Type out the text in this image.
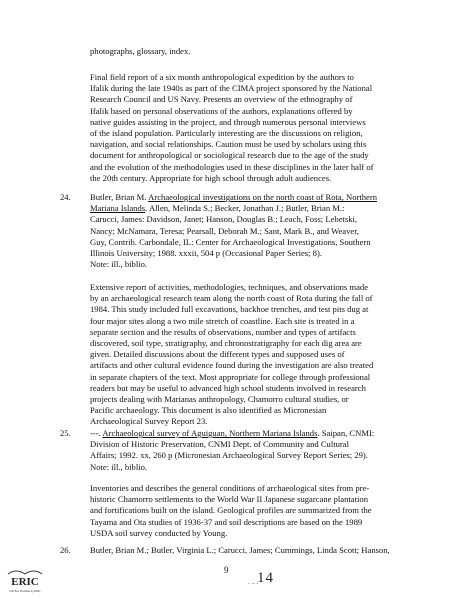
photographs, glossary, index.

Final field report of a six month anthropological expedition by the authors to

Ifalik during the late 1940s as part of the CIMA project sponsored by the National

Research Council and US Navy. Presents an overview of the ethnography of

Ifalik based on personal observations of the authors, explanations offered by

native guides assisting in the project, and through numerous personal interviews

of the island population. Particularly interesting are the discussions on religion,

navigation, and social relationships. Caution must be used by scholars using this

document for anthropological or sociological research due to the age of the study

and the evolution of the methodologies used in these disciplines in the later half of

the 20th century. Appropriate for high school through adult audiences.

24.	Butler, Brian M. Archaeological investigations on the north coast of Rota, Northern
Mariana Islands. Allen, Melinda S.; Becker, Jonathan J.; Butler, Brian M.:
Carucci, James: Davidson, Janet; Hanson, Douglas B.; Leach, Foss; Lebetski,
Nancy; McNamara, Teresa; Pearsall, Deborah M.; Sant, Mark B., and Weaver,
Guy, Contrib. Carbondale, IL: Center for Archaeological Investigations, Southern
Illinois University; 1988. xxxii, 504 p (Occasional Paper Series; 8).
Note: ill., biblio.

Extensive report of activities, methodologies, techniques, and observations made

by an archaeological research team along the north coast of Rota during the fall of

1984. This study included full excavations, backhoe trenches, and test pits dug at

four major sites along a two mile stretch of coastline. Each site is treated in a

separate section and the results of observations, number and types of artifacts

discovered, soil type, stratigraphy, and chronostratigraphy for each dig area are

given. Detailed discussions about the different types and supposed uses of

artifacts and other cultural evidence found during the investigation are also treated

in separate chapters of the text. Most appropriate for college through professional

readers but may be useful to advanced high school students involved in research

projects dealing with Marianas anthropology, Chamorro cultural studies, or

Pacific archaeology. This document is also identified as Micronesian

Archaeological Survey Report 23.

25.	---. Archaeological survey of Aguiguan, Northern Mariana Islands. Saipan, CNMI:
Division of Historic Preservation, CNMI Dept. of Community and Cultural
Affairs; 1992. xx, 260 p (Micronesian Archaeological Survey Report Series; 29).
Note: ill., biblio.

Inventories and describes the general conditions of archaeological sites from pre-

historic Chamorro settlements to the World War II Japanese sugarcane plantation

and fortifications built on the island. Geological profiles are summarized from the

Tayama and Ota studies of 1936-37 and soil descriptions are based on the 1989

USDA soil survey conducted by Young.

26.	Butler, Brian M.; Butler, Virginia L.; Carucci, James; Cummings, Linda Scott; Hanson,
ERIC
Full Text Provided by ERIC
9
. .. .
14
